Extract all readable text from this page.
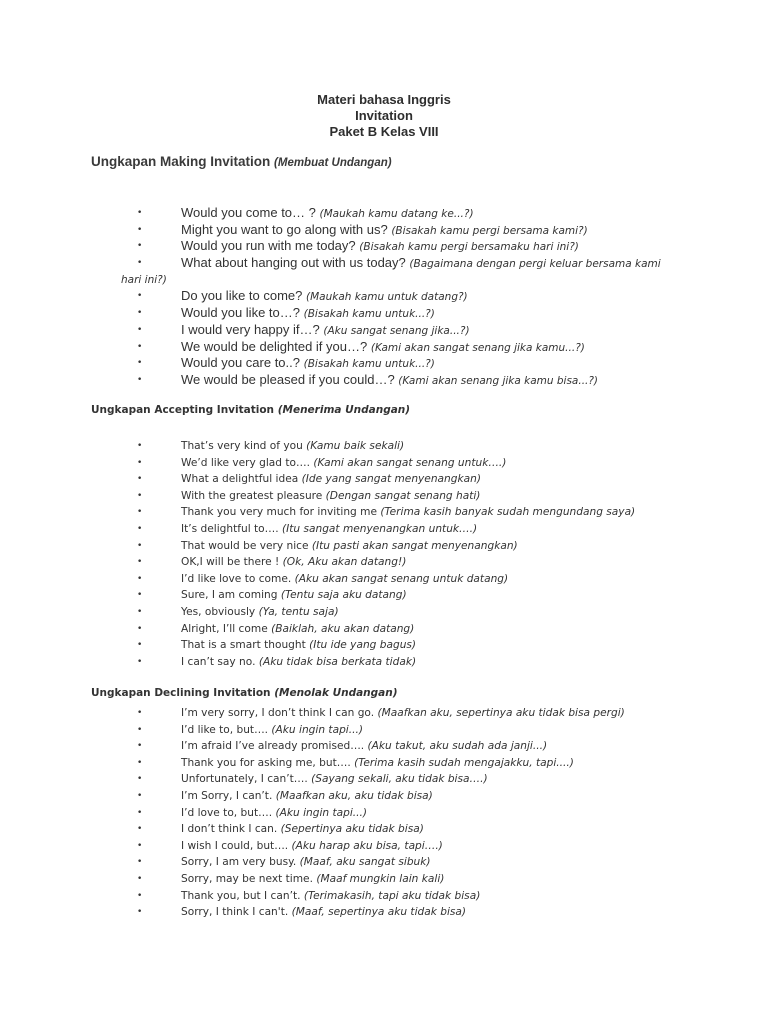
Materi bahasa Inggris
Invitation
Paket B Kelas VIII
Ungkapan Making Invitation (Membuat Undangan)
•	Would you come to… ? (Maukah kamu datang ke...?)
•	Might you want to go along with us? (Bisakah kamu pergi bersama kami?)
•	Would you run with me today? (Bisakah kamu pergi bersamaku hari ini?)
•	What about hanging out with us today? (Bagaimana dengan pergi keluar bersama kami
hari ini?)
•	Do you like to come? (Maukah kamu untuk datang?)
•	Would you like to…? (Bisakah kamu untuk...?)
•	I would very happy if…? (Aku sangat senang jika...?)
•	We would be delighted if you…? (Kami akan sangat senang jika kamu...?)
•	Would you care to..? (Bisakah kamu untuk...?)
•	We would be pleased if you could…? (Kami akan senang jika kamu bisa...?)
Ungkapan Accepting Invitation (Menerima Undangan)
•	That’s very kind of you (Kamu baik sekali)
•	We’d like very glad to…. (Kami akan sangat senang untuk….)
•	What a delightful idea (Ide yang sangat menyenangkan)
•	With the greatest pleasure (Dengan sangat senang hati)
•	Thank you very much for inviting me (Terima kasih banyak sudah mengundang saya)
•	It’s delightful to…. (Itu sangat menyenangkan untuk….)
•	That would be very nice (Itu pasti akan sangat menyenangkan)
•	OK,I will be there ! (Ok, Aku akan datang!)
•	I’d like love to come. (Aku akan sangat senang untuk datang)
•	Sure, I am coming (Tentu saja aku datang)
•	Yes, obviously (Ya, tentu saja)
•	Alright, I’ll come (Baiklah, aku akan datang)
•	That is a smart thought (Itu ide yang bagus)
•	I can’t say no. (Aku tidak bisa berkata tidak)
Ungkapan Declining Invitation (Menolak Undangan)
•	I’m very sorry, I don’t think I can go. (Maafkan aku, sepertinya aku tidak bisa pergi)
•	I’d like to, but…. (Aku ingin tapi...)
•	I’m afraid I’ve already promised…. (Aku takut, aku sudah ada janji...)
•	Thank you for asking me, but…. (Terima kasih sudah mengajakku, tapi....)
•	Unfortunately, I can’t…. (Sayang sekali, aku tidak bisa….)
•	I’m Sorry, I can’t. (Maafkan aku, aku tidak bisa)
•	I’d love to, but…. (Aku ingin tapi...)
•	I don’t think I can. (Sepertinya aku tidak bisa)
•	I wish I could, but…. (Aku harap aku bisa, tapi….)
•	Sorry, I am very busy. (Maaf, aku sangat sibuk)
•	Sorry, may be next time. (Maaf mungkin lain kali)
•	Thank you, but I can’t. (Terimakasih, tapi aku tidak bisa)
•	Sorry, I think I can't. (Maaf, sepertinya aku tidak bisa)
